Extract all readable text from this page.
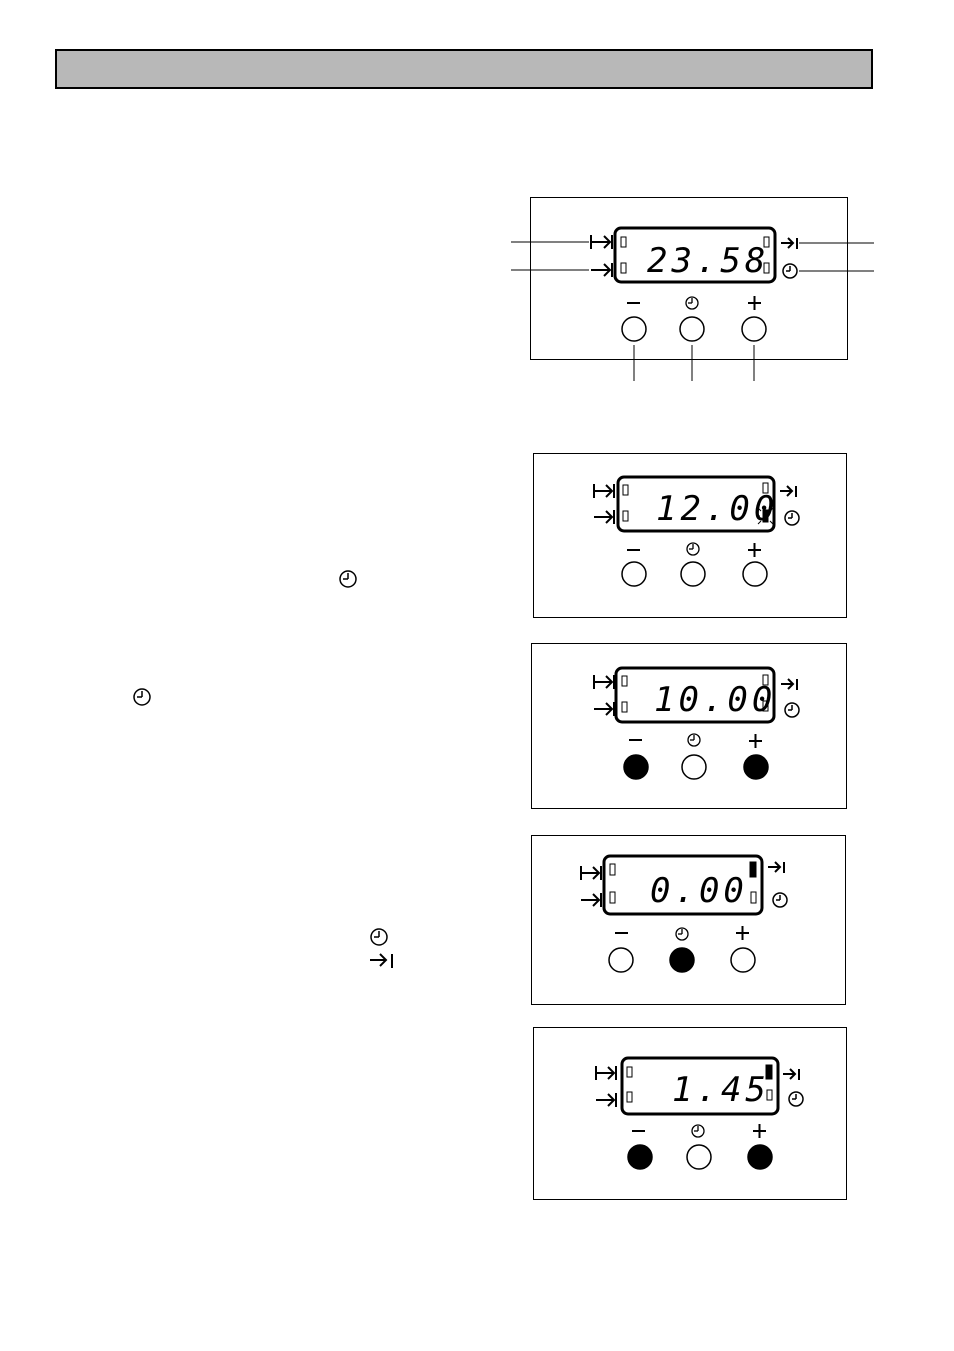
23.58
12.00
10.00
0.00
1.45
